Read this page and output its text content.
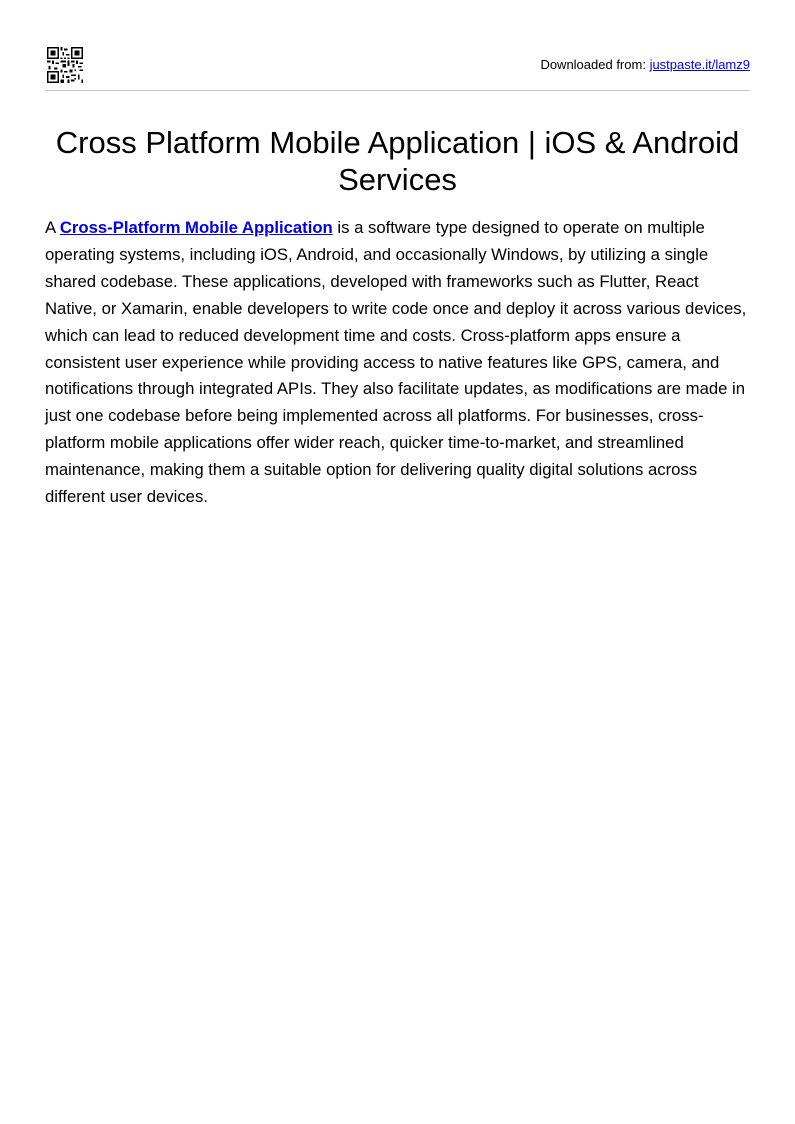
Downloaded from: justpaste.it/lamz9
Cross Platform Mobile Application | iOS & Android Services

A Cross-Platform Mobile Application is a software type designed to operate on multiple operating systems, including iOS, Android, and occasionally Windows, by utilizing a single shared codebase. These applications, developed with frameworks such as Flutter, React Native, or Xamarin, enable developers to write code once and deploy it across various devices, which can lead to reduced development time and costs. Cross-platform apps ensure a consistent user experience while providing access to native features like GPS, camera, and notifications through integrated APIs. They also facilitate updates, as modifications are made in just one codebase before being implemented across all platforms. For businesses, cross-platform mobile applications offer wider reach, quicker time-to-market, and streamlined maintenance, making them a suitable option for delivering quality digital solutions across different user devices.
